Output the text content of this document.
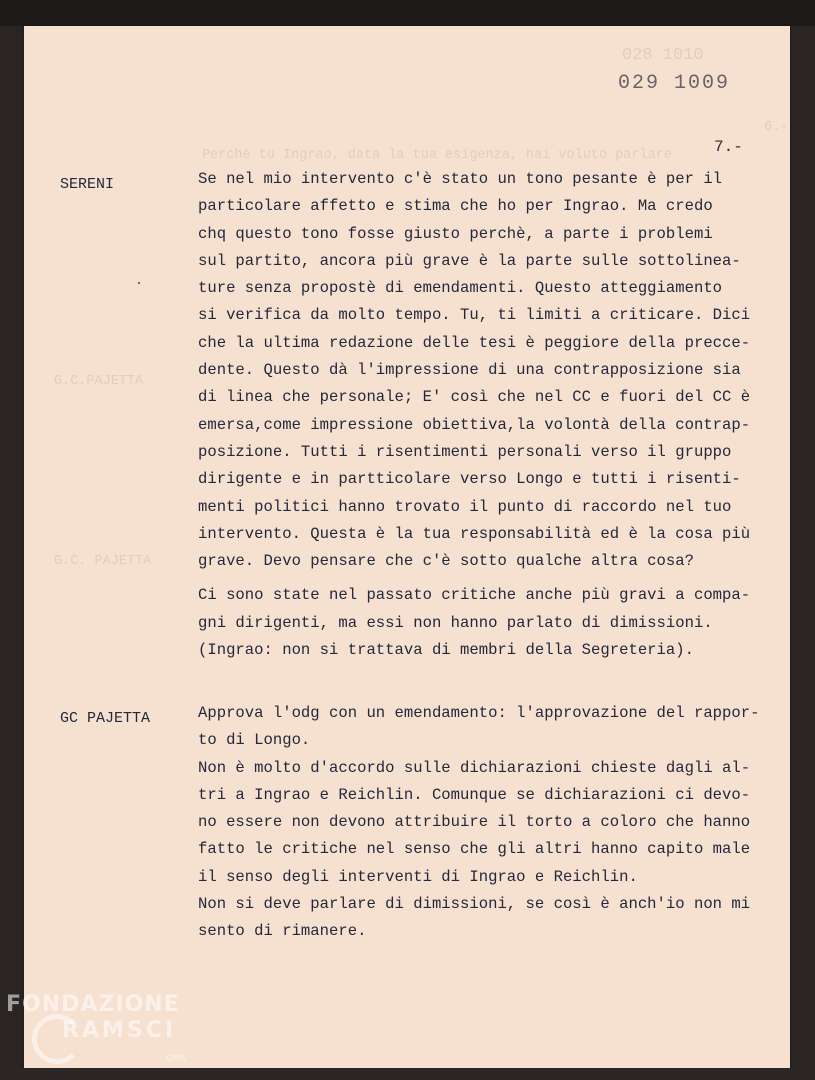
028 1010
6.-
Perchè tu Ingrao, data la tua esigenza, hai voluto parlare
G.C.PAJETTA
G.C. PAJETTA
029 1009
7.-
SERENI	Se nel mio intervento c'è stato un tono pesante è per il
particolare affetto e stima che ho per Ingrao. Ma credo
chq questo tono fosse giusto perchè, a parte i problemi
sul partito, ancora più grave è la parte sulle sottolinea-
ture senza propostè di emendamenti. Questo atteggiamento
si verifica da molto tempo. Tu, ti limiti a criticare. Dici
che la ultima redazione delle tesi è peggiore della precce-
dente. Questo dà l'impressione di una contrapposizione sia
di linea che personale; E' così che nel CC e fuori del CC è
emersa,come impressione obiettiva,la volontà della contrap-
posizione. Tutti i risentimenti personali verso il gruppo
dirigente e in partticolare verso Longo e tutti i risenti-
menti politici hanno trovato il punto di raccordo nel tuo
intervento. Questa è la tua responsabilità ed è la cosa più
grave. Devo pensare che c'è sotto qualche altra cosa?
Ci sono state nel passato critiche anche più gravi a compa-
gni dirigenti, ma essi non hanno parlato di dimissioni.
(Ingrao: non si trattava di membri della Segreteria).
GC PAJETTA	Approva l'odg con un emendamento: l'approvazione del rappor-
to di Longo.
Non è molto d'accordo sulle dichiarazioni chieste dagli al-
tri a Ingrao e Reichlin. Comunque se dichiarazioni ci devo-
no essere non devono attribuire il torto a coloro che hanno
fatto le critiche nel senso che gli altri hanno capito male
il senso degli interventi di Ingrao e Reichlin.
Non si deve parlare di dimissioni, se così è anch'io non mi
sento di rimanere.
FONDAZIONE
RAMSCI
GMS
